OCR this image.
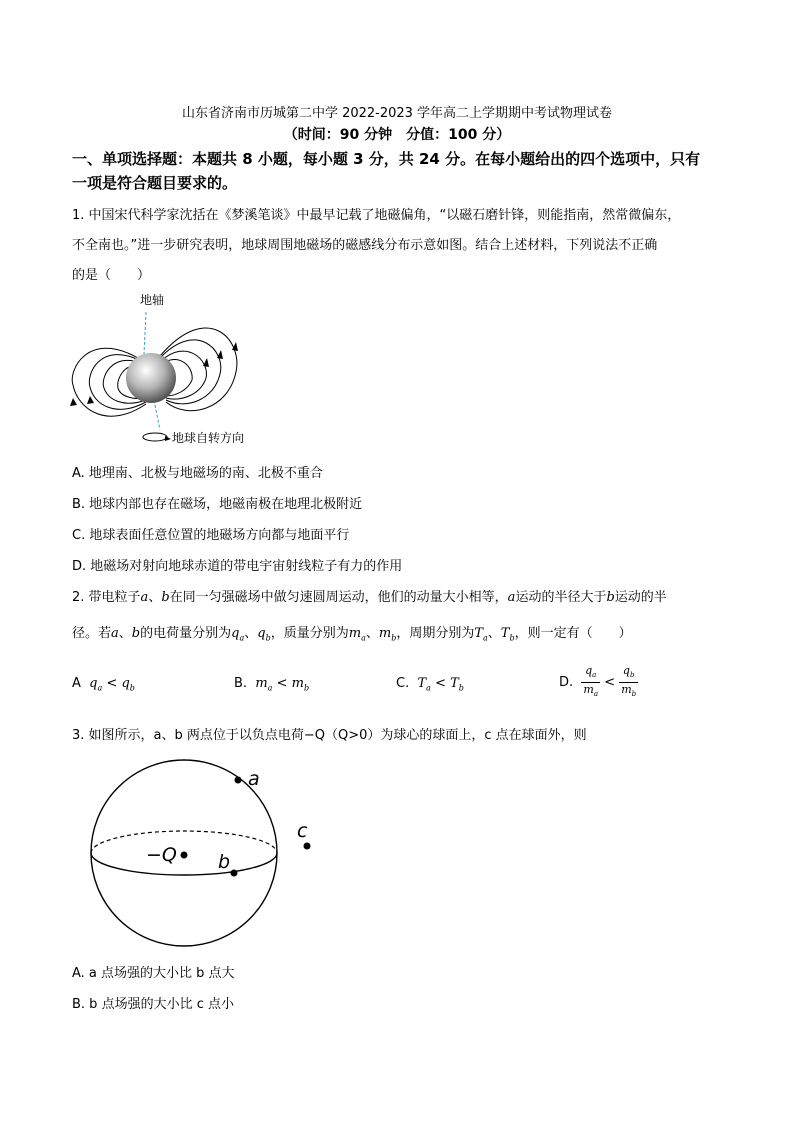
山东省济南市历城第二中学 2022-2023 学年高二上学期期中考试物理试卷
（时间：90 分钟　分值：100 分）
一、单项选择题：本题共 8 小题，每小题 3 分，共 24 分。在每小题给出的四个选项中，只有
一项是符合题目要求的。
1. 中国宋代科学家沈括在《梦溪笔谈》中最早记载了地磁偏角，“以磁石磨针锋，则能指南，然常微偏东，
不全南也。”进一步研究表明，地球周围地磁场的磁感线分布示意如图。结合上述材料，下列说法不正确
的是（　　）
地轴
地球自转方向
A. 地理南、北极与地磁场的南、北极不重合
B. 地球内部也存在磁场，地磁南极在地理北极附近
C. 地球表面任意位置的地磁场方向都与地面平行
D. 地磁场对射向地球赤道的带电宇宙射线粒子有力的作用
2. 带电粒子a、b在同一匀强磁场中做匀速圆周运动，他们的动量大小相等，a运动的半径大于b运动的半
径。若a、b的电荷量分别为$q_a$、$q_b$，质量分别为$m_a$、$m_b$，周期分别为$T_a$、$T_b$，则一定有（　　）
A $q_a < q_b$	B. $m_a < m_b$	C. $T_a < T_b$	D. $\frac{q_a}{m_a} < \frac{q_b}{m_b}$
3. 如图所示，a、b 两点位于以负点电荷−Q（Q>0）为球心的球面上，c 点在球面外，则
a
−Q b
c
A. a 点场强的大小比 b 点大
B. b 点场强的大小比 c 点小
